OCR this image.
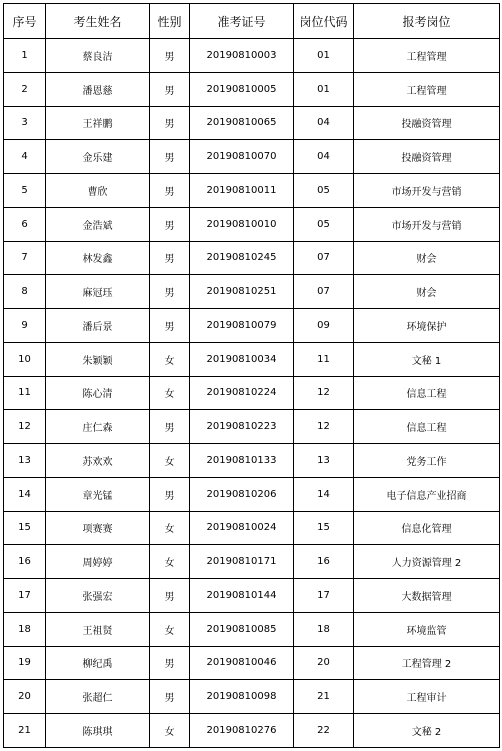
序号	考生姓名	性别	准考证号	岗位代码	报考岗位
1	蔡良洁	男	20190810003	01	工程管理
2	潘恩慈	男	20190810005	01	工程管理
3	王祥鹏	男	20190810065	04	投融资管理
4	金乐建	男	20190810070	04	投融资管理
5	曹欣	男	20190810011	05	市场开发与营销
6	金浩斌	男	20190810010	05	市场开发与营销
7	林发鑫	男	20190810245	07	财会
8	麻冠珏	男	20190810251	07	财会
9	潘后景	男	20190810079	09	环境保护
10	朱颖颖	女	20190810034	11	文秘 1
11	陈心清	女	20190810224	12	信息工程
12	庄仁森	男	20190810223	12	信息工程
13	苏欢欢	女	20190810133	13	党务工作
14	章光锰	男	20190810206	14	电子信息产业招商
15	项赛赛	女	20190810024	15	信息化管理
16	周婷婷	女	20190810171	16	人力资源管理 2
17	张强宏	男	20190810144	17	大数据管理
18	王祖贤	女	20190810085	18	环境监管
19	柳纪禹	男	20190810046	20	工程管理 2
20	张超仁	男	20190810098	21	工程审计
21	陈琪琪	女	20190810276	22	文秘 2
